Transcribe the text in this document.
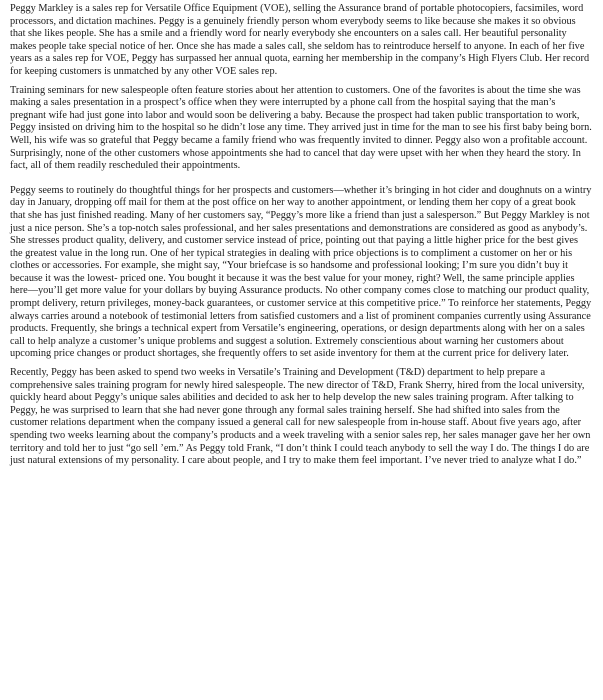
Peggy Markley is a sales rep for Versatile Office Equipment (VOE), selling the Assurance brand of portable photocopiers, facsimiles, word processors, and dictation machines. Peggy is a genuinely friendly person whom everybody seems to like because she makes it so obvious that she likes people. She has a smile and a friendly word for nearly everybody she encounters on a sales call. Her beautiful personality makes people take special notice of her. Once she has made a sales call, she seldom has to reintroduce herself to anyone. In each of her five years as a sales rep for VOE, Peggy has surpassed her annual quota, earning her membership in the company’s High Flyers Club. Her record for keeping customers is unmatched by any other VOE sales rep.

Training seminars for new salespeople often feature stories about her attention to customers. One of the favorites is about the time she was making a sales presentation in a prospect’s office when they were interrupted by a phone call from the hospital saying that the man’s pregnant wife had just gone into labor and would soon be delivering a baby. Because the prospect had taken public transportation to work, Peggy insisted on driving him to the hospital so he didn’t lose any time. They arrived just in time for the man to see his first baby being born. Well, his wife was so grateful that Peggy became a family friend who was frequently invited to dinner. Peggy also won a profitable account. Surprisingly, none of the other customers whose appointments she had to cancel that day were upset with her when they heard the story. In fact, all of them readily rescheduled their appointments.

Peggy seems to routinely do thoughtful things for her prospects and customers—whether it’s bringing in hot cider and doughnuts on a wintry day in January, dropping off mail for them at the post office on her way to another appointment, or lending them her copy of a great book that she has just finished reading. Many of her customers say, “Peggy’s more like a friend than just a salesperson.” But Peggy Markley is not just a nice person. She’s a top-notch sales professional, and her sales presentations and demonstrations are considered as good as anybody’s. She stresses product quality, delivery, and customer service instead of price, pointing out that paying a little higher price for the best gives the greatest value in the long run. One of her typical strategies in dealing with price objections is to compliment a customer on her or his clothes or accessories. For example, she might say, “Your briefcase is so handsome and professional looking; I’m sure you didn’t buy it because it was the lowest- priced one. You bought it because it was the best value for your money, right? Well, the same principle applies here—you’ll get more value for your dollars by buying Assurance products. No other company comes close to matching our product quality, prompt delivery, return privileges, money-back guarantees, or customer service at this competitive price.” To reinforce her statements, Peggy always carries around a notebook of testimonial letters from satisfied customers and a list of prominent companies currently using Assurance products. Frequently, she brings a technical expert from Versatile’s engineering, operations, or design departments along with her on a sales call to help analyze a customer’s unique problems and suggest a solution. Extremely conscientious about warning her customers about upcoming price changes or product shortages, she frequently offers to set aside inventory for them at the current price for delivery later.

Recently, Peggy has been asked to spend two weeks in Versatile’s Training and Development (T&D) department to help prepare a comprehensive sales training program for newly hired salespeople. The new director of T&D, Frank Sherry, hired from the local university, quickly heard about Peggy’s unique sales abilities and decided to ask her to help develop the new sales training program. After talking to Peggy, he was surprised to learn that she had never gone through any formal sales training herself. She had shifted into sales from the customer relations department when the company issued a general call for new salespeople from in-house staff. About five years ago, after spending two weeks learning about the company’s products and a week traveling with a senior sales rep, her sales manager gave her her own territory and told her to just “go sell ’em.” As Peggy told Frank, “I don’t think I could teach anybody to sell the way I do. The things I do are just natural extensions of my personality. I care about people, and I try to make them feel important. I’ve never tried to analyze what I do.”
